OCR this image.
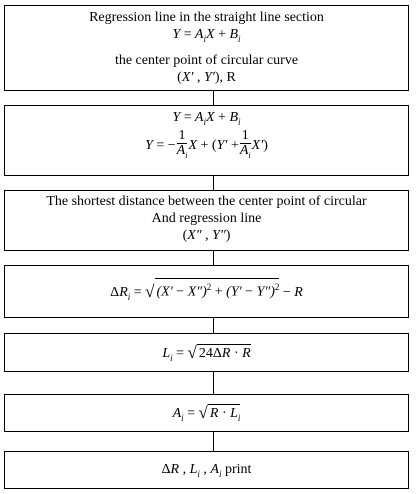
Regression line in the straight line section
$Y = A_iX + B_i$
the center point of circular curve
(X′ , Y′), R
$Y = A_iX + B_i$
Y = − $\frac{1}{A_i}$ $X + (Y' + \frac{1}{A_i} X')$
The shortest distance between the center point of circular
And regression line
(X″ , Y″)
$\Delta R_i$ = √ $(X' - X'')^2 + (Y' - Y'')^2 - R$
$L_i$ = √ 24ΔR · R
$A_i$ = √ $R \cdot L_i$
ΔR , $L_i$ , $A_i$ print
